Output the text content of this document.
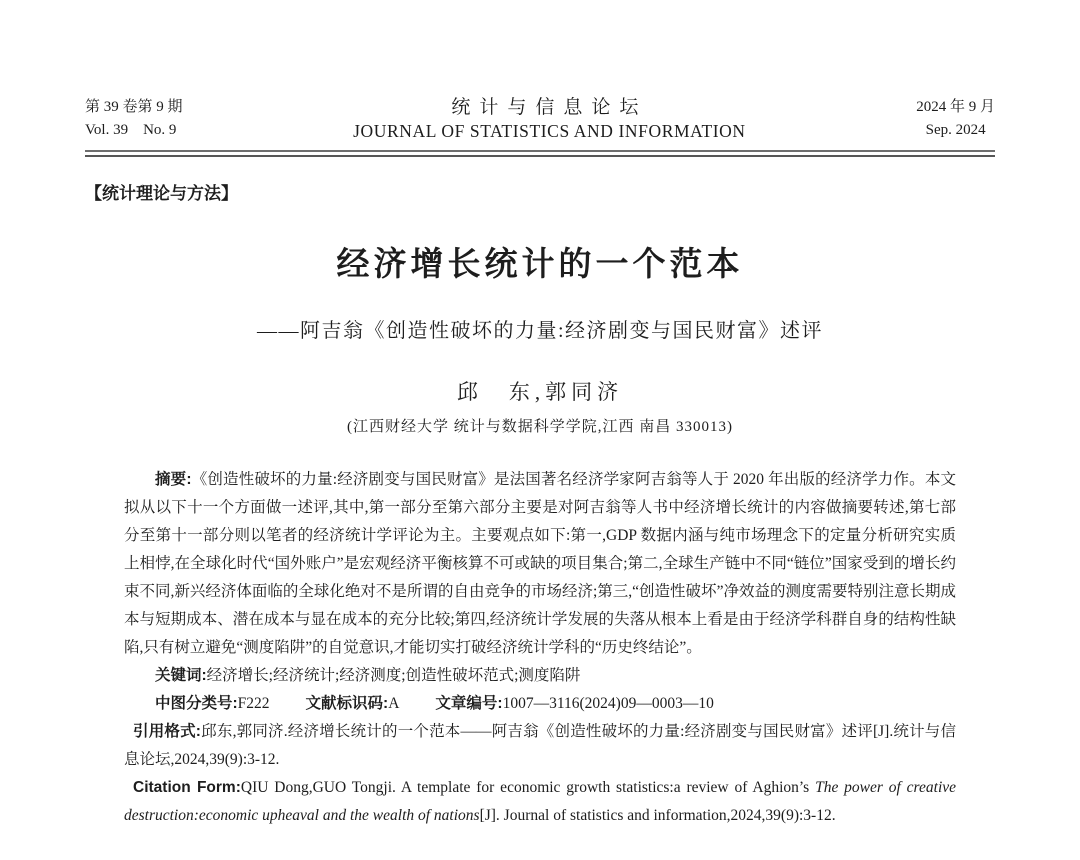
第 39 卷第 9 期
Vol. 39　No. 9
统计与信息论坛
JOURNAL OF STATISTICS AND INFORMATION
2024 年 9 月
Sep. 2024
【统计理论与方法】
经济增长统计的一个范本
——阿吉翁《创造性破坏的力量:经济剧变与国民财富》述评
邱　东,郭同济
(江西财经大学 统计与数据科学学院,江西 南昌 330013)

摘要:《创造性破坏的力量:经济剧变与国民财富》是法国著名经济学家阿吉翁等人于 2020 年出版的经济学力作。本文拟从以下十一个方面做一述评,其中,第一部分至第六部分主要是对阿吉翁等人书中经济增长统计的内容做摘要转述,第七部分至第十一部分则以笔者的经济统计学评论为主。主要观点如下:第一,GDP 数据内涵与纯市场理念下的定量分析研究实质上相悖,在全球化时代“国外账户”是宏观经济平衡核算不可或缺的项目集合;第二,全球生产链中不同“链位”国家受到的增长约束不同,新兴经济体面临的全球化绝对不是所谓的自由竞争的市场经济;第三,“创造性破坏”净效益的测度需要特别注意长期成本与短期成本、潜在成本与显在成本的充分比较;第四,经济统计学发展的失落从根本上看是由于经济学科群自身的结构性缺陷,只有树立避免“测度陷阱”的自觉意识,才能切实打破经济统计学科的“历史终结论”。

关键词:经济增长;经济统计;经济测度;创造性破坏范式;测度陷阱

中图分类号:F222 文献标识码:A 文章编号:1007—3116(2024)09—0003—10

引用格式:邱东,郭同济.经济增长统计的一个范本——阿吉翁《创造性破坏的力量:经济剧变与国民财富》述评[J].统计与信息论坛,2024,39(9):3-12.

Citation Form:QIU Dong,GUO Tongji. A template for economic growth statistics:a review of Aghion’s The power of creative destruction:economic upheaval and the wealth of nations[J]. Journal of statistics and information,2024,39(9):3-12.
